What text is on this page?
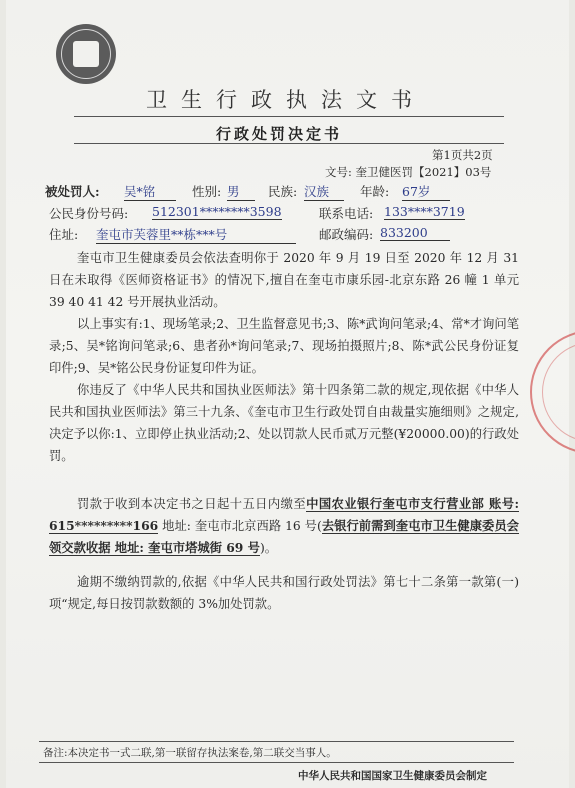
卫生行政执法文书
行政处罚决定书
第1页共2页
文号: 奎卫健医罚【2021】03号
被处罚人: 吴*铭	性别: 男	民族: 汉族	年龄: 67岁
公民身份号码: 512301********3598	联系电话: 133****3719
住址: 奎屯市芙蓉里**栋***号	邮政编码: 833200

奎屯市卫生健康委员会依法查明你于 2020 年 9 月 19 日至 2020 年 12 月 31 日在未取得《医师资格证书》的情况下,擅自在奎屯市康乐园-北京东路 26 幢 1 单元 39 40 41 42 号开展执业活动。

以上事实有:1、现场笔录;2、卫生监督意见书;3、陈*武询问笔录;4、常*才询问笔录;5、吴*铭询问笔录;6、患者孙*询问笔录;7、现场拍摄照片;8、陈*武公民身份证复印件;9、吴*铭公民身份证复印件为证。

你违反了《中华人民共和国执业医师法》第十四条第二款的规定,现依据《中华人民共和国执业医师法》第三十九条、《奎屯市卫生行政处罚自由裁量实施细则》之规定,决定予以你:1、立即停止执业活动;2、处以罚款人民币贰万元整(¥20000.00)的行政处罚。

罚款于收到本决定书之日起十五日内缴至中国农业银行奎屯市支行营业部 账号: 615*********166 地址: 奎屯市北京西路 16 号(去银行前需到奎屯市卫生健康委员会领交款收据 地址: 奎屯市塔城街 69 号)。

逾期不缴纳罚款的,依据《中华人民共和国行政处罚法》第七十二条第一款第(一)项“规定,每日按罚款数额的 3%加处罚款。

备注:本决定书一式二联,第一联留存执法案卷,第二联交当事人。
中华人民共和国国家卫生健康委员会制定
